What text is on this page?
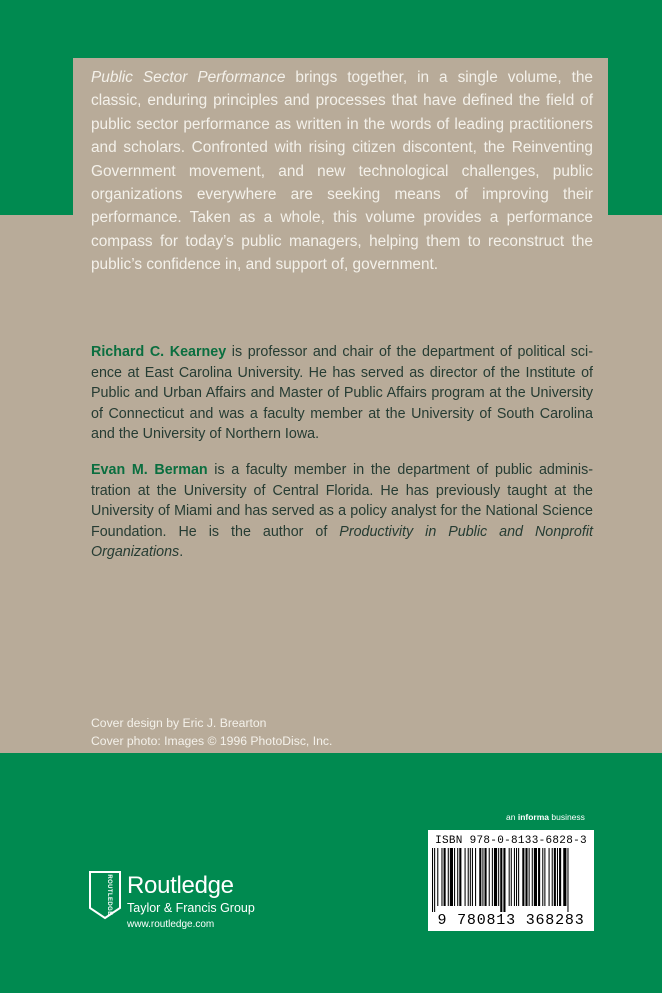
Public Sector Performance brings together, in a single volume, the classic, enduring principles and processes that have defined the field of public sector performance as written in the words of leading practitioners and scholars. Confronted with rising citizen discontent, the Reinventing Government movement, and new technological challenges, public organizations everywhere are seeking means of improving their performance. Taken as a whole, this volume provides a performance compass for today’s public managers, helping them to reconstruct the public’s confidence in, and support of, government.

Richard C. Kearney is professor and chair of the department of political science at East Carolina University. He has served as director of the Institute of Public and Urban Affairs and Master of Public Affairs program at the University of Connecticut and was a faculty member at the University of South Carolina and the University of Northern Iowa.

Evan M. Berman is a faculty member in the department of public administration at the University of Central Florida. He has previously taught at the University of Miami and has served as a policy analyst for the National Science Foundation. He is the author of Productivity in Public and Nonprofit Organizations.

Cover design by Eric J. Brearton
Cover photo: Images © 1996 PhotoDisc, Inc.
an informa business
ISBN 978-0-8133-6828-3
9 780813 368283
ROUTLEDGE Routledge
Taylor & Francis Group
www.routledge.com
